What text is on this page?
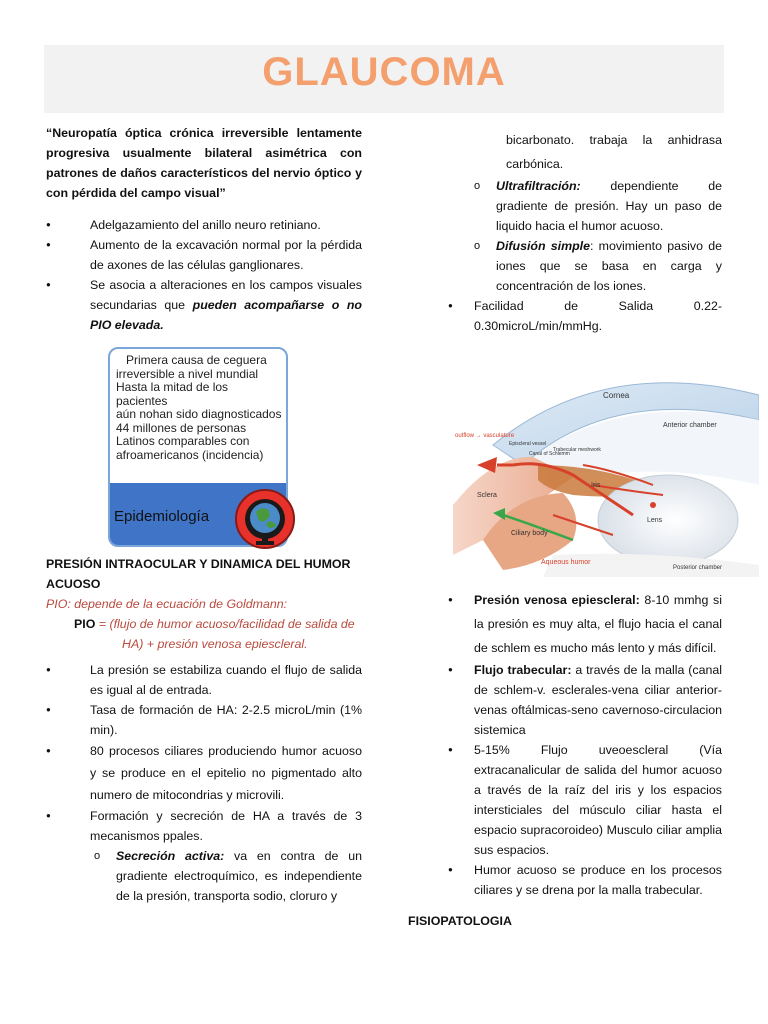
GLAUCOMA
“Neuropatía óptica crónica irreversible lentamente progresiva usualmente bilateral asimétrica con patrones de daños característicos del nervio óptico y con pérdida del campo visual”
● Adelgazamiento del anillo neuro retiniano.
● Aumento de la excavación normal por la pérdida de axones de las células ganglionares.
● Se asocia a alteraciones en los campos visuales secundarias que pueden acompañarse o no PIO elevada.
Primera causa de ceguera
irreversible a nivel mundial
Hasta la mitad de los pacientes
aún nohan sido diagnosticados
44 millones de personas
Latinos comparables con
afroamericanos (incidencia)
Epidemiología
PRESIÓN INTRAOCULAR Y DINAMICA DEL HUMOR ACUOSO
PIO: depende de la ecuación de Goldmann:
PIO = (flujo de humor acuoso/facilidad de salida de
HA) + presión venosa epiescleral.
● La presión se estabiliza cuando el flujo de salida es igual al de entrada.
● Tasa de formación de HA: 2-2.5 microL/min (1% min).
● 80 procesos ciliares produciendo humor acuoso y se produce en el epitelio no pigmentado alto numero de mitocondrias y microvili.
● Formación y secreción de HA a través de 3 mecanismos ppales.
o Secreción activa: va en contra de un gradiente electroquímico, es independiente de la presión, transporta sodio, cloruro y
bicarbonato. trabaja la anhidrasa carbónica.
o Ultrafiltración: dependiente de gradiente de presión. Hay un paso de liquido hacia el humor acuoso.
o Difusión simple: movimiento pasivo de iones que se basa en carga y concentración de los iones.
● Facilidad de Salida 0.22-0.30microL/min/mmHg.
Cornea
Anterior chamber
outflow → vasculature
Episcleral vessel
Canal of Schlemm
Trabecular meshwork
Sclera
Iris
Lens
Ciliary body
Aqueous humor
Posterior chamber
● Presión venosa epiescleral: 8-10 mmhg si la presión es muy alta, el flujo hacia el canal de schlem es mucho más lento y más difícil.
● Flujo trabecular: a través de la malla (canal de schlem-v. esclerales-vena ciliar anterior-venas oftálmicas-seno cavernoso-circulacion sistemica
● 5-15% Flujo uveoescleral (Vía extracanalicular de salida del humor acuoso a través de la raíz del iris y los espacios intersticiales del músculo ciliar hasta el espacio supracoroideo) Musculo ciliar amplia sus espacios.
● Humor acuoso se produce en los procesos ciliares y se drena por la malla trabecular.
FISIOPATOLOGIA
